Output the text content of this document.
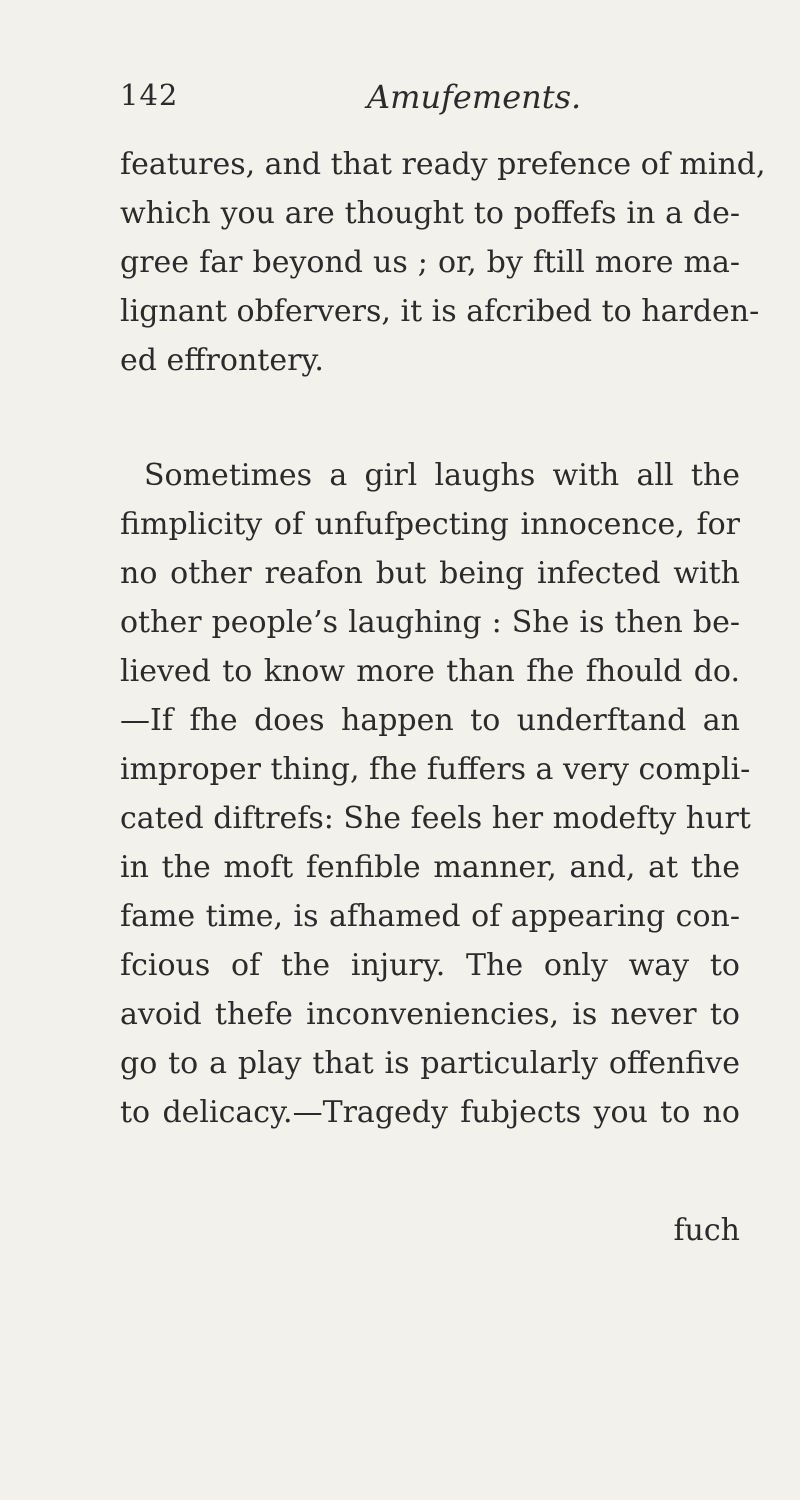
142	Amufements.
features, and that ready prefence of mind,
which you are thought to poffefs in a de-
gree far beyond us ; or, by ftill more ma-
lignant obfervers, it is afcribed to harden-
ed effrontery.
Sometimes a girl laughs with all the
fimplicity of unfufpecting innocence, for
no other reafon but being infected with
other people’s laughing : She is then be-
lieved to know more than fhe fhould do.
—If fhe does happen to underftand an
improper thing, fhe fuffers a very compli-
cated diftrefs: She feels her modefty hurt
in the moft fenfible manner, and, at the
fame time, is afhamed of appearing con-
fcious of the injury. The only way to
avoid thefe inconveniencies, is never to
go to a play that is particularly offenfive
to delicacy.—Tragedy fubjects you to no
fuch
